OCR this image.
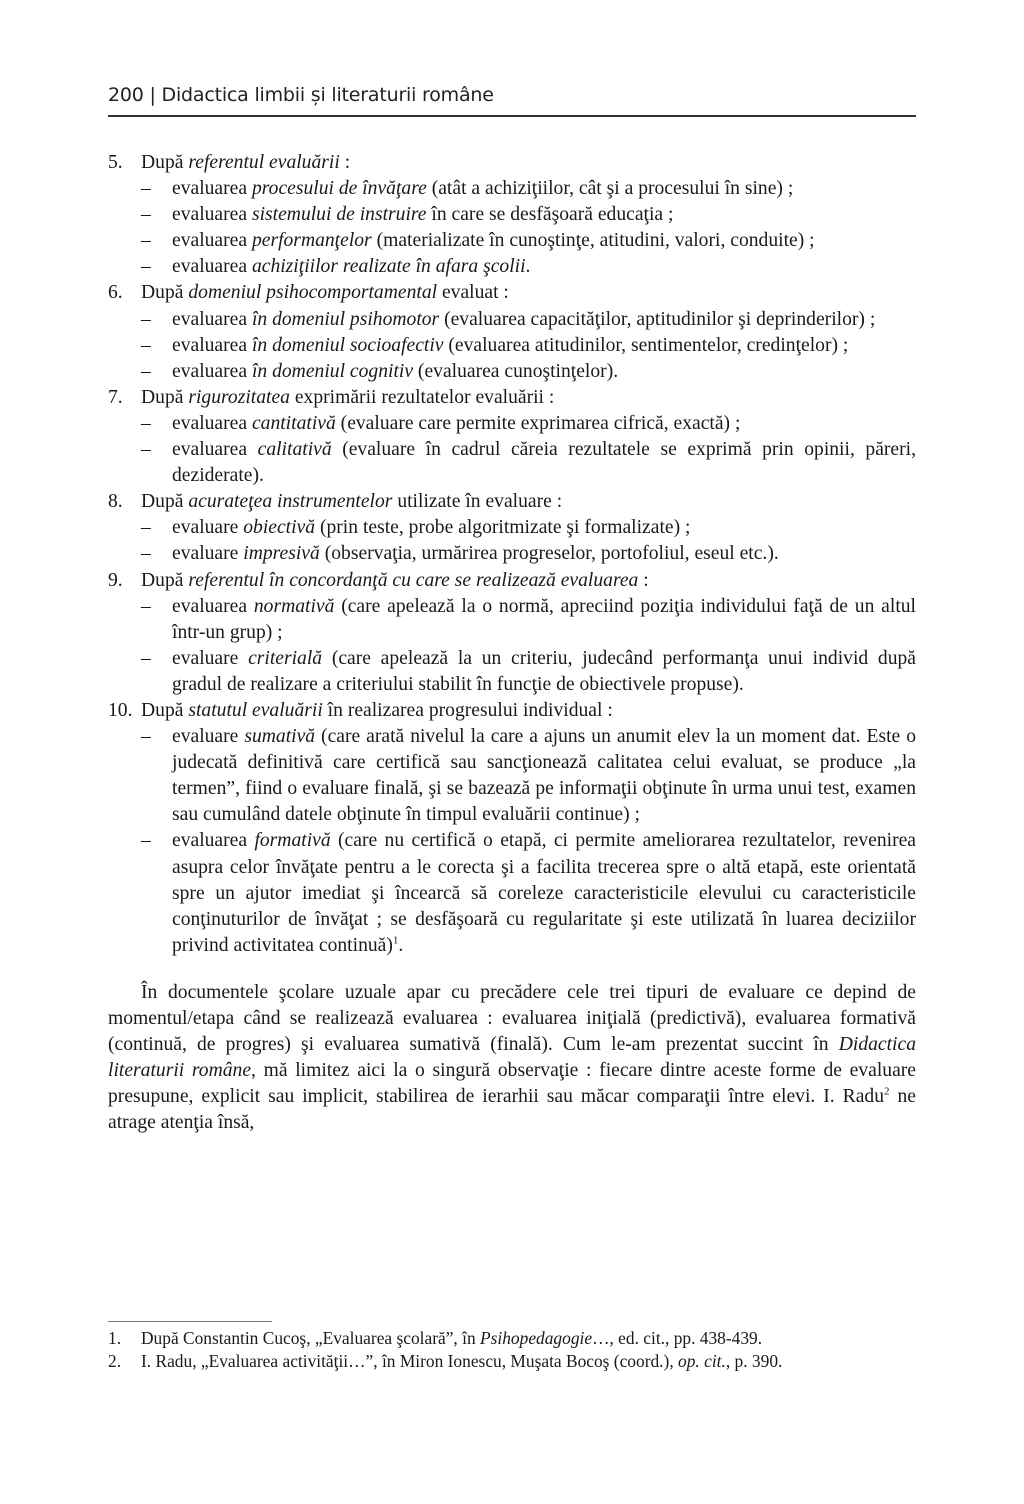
200 | Didactica limbii și literaturii române
5. După referentul evaluării :
– evaluarea procesului de învăţare (atât a achiziţiilor, cât şi a procesului în sine) ;
– evaluarea sistemului de instruire în care se desfăşoară educaţia ;
– evaluarea performanţelor (materializate în cunoştinţe, atitudini, valori, conduite) ;
– evaluarea achiziţiilor realizate în afara şcolii.
6. După domeniul psihocomportamental evaluat :
– evaluarea în domeniul psihomotor (evaluarea capacităţilor, aptitudinilor şi deprinderilor) ;
– evaluarea în domeniul socioafectiv (evaluarea atitudinilor, sentimentelor, credinţelor) ;
– evaluarea în domeniul cognitiv (evaluarea cunoştinţelor).
7. După rigurozitatea exprimării rezultatelor evaluării :
– evaluarea cantitativă (evaluare care permite exprimarea cifrică, exactă) ;
– evaluarea calitativă (evaluare în cadrul căreia rezultatele se exprimă prin opinii, păreri, deziderate).
8. După acurateţea instrumentelor utilizate în evaluare :
– evaluare obiectivă (prin teste, probe algoritmizate şi formalizate) ;
– evaluare impresivă (observaţia, urmărirea progreselor, portofoliul, eseul etc.).
9. După referentul în concordanţă cu care se realizează evaluarea :
– evaluarea normativă (care apelează la o normă, apreciind poziţia individului faţă de un altul într-un grup) ;
– evaluare criterială (care apelează la un criteriu, judecând performanţa unui individ după gradul de realizare a criteriului stabilit în funcţie de obiectivele propuse).
10. După statutul evaluării în realizarea progresului individual :
– evaluare sumativă (care arată nivelul la care a ajuns un anumit elev la un moment dat. Este o judecată definitivă care certifică sau sancţionează calitatea celui evaluat, se produce „la termen”, fiind o evaluare finală, şi se bazează pe informaţii obţinute în urma unui test, examen sau cumulând datele obţinute în timpul evaluării continue) ;
– evaluarea formativă (care nu certifică o etapă, ci permite ameliorarea rezultatelor, revenirea asupra celor învăţate pentru a le corecta şi a facilita trecerea spre o altă etapă, este orientată spre un ajutor imediat şi încearcă să coreleze caracteristicile elevului cu caracteristicile conţinuturilor de învăţat ; se desfăşoară cu regularitate şi este utilizată în luarea deciziilor privind activitatea continuă)$^1$.

În documentele şcolare uzuale apar cu precădere cele trei tipuri de evaluare ce depind de momentul/etapa când se realizează evaluarea : evaluarea iniţială (predictivă), evaluarea formativă (continuă, de progres) şi evaluarea sumativă (finală). Cum le-am prezentat succint în Didactica literaturii române, mă limitez aici la o singură observaţie : fiecare dintre aceste forme de evaluare presupune, explicit sau implicit, stabilirea de ierarhii sau măcar comparaţii între elevi. I. Radu$^2$ ne atrage atenţia însă,

1. După Constantin Cucoş, „Evaluarea şcolară”, în Psihopedagogie…, ed. cit., pp. 438-439.
2. I. Radu, „Evaluarea activităţii…”, în Miron Ionescu, Muşata Bocoş (coord.), op. cit., p. 390.
